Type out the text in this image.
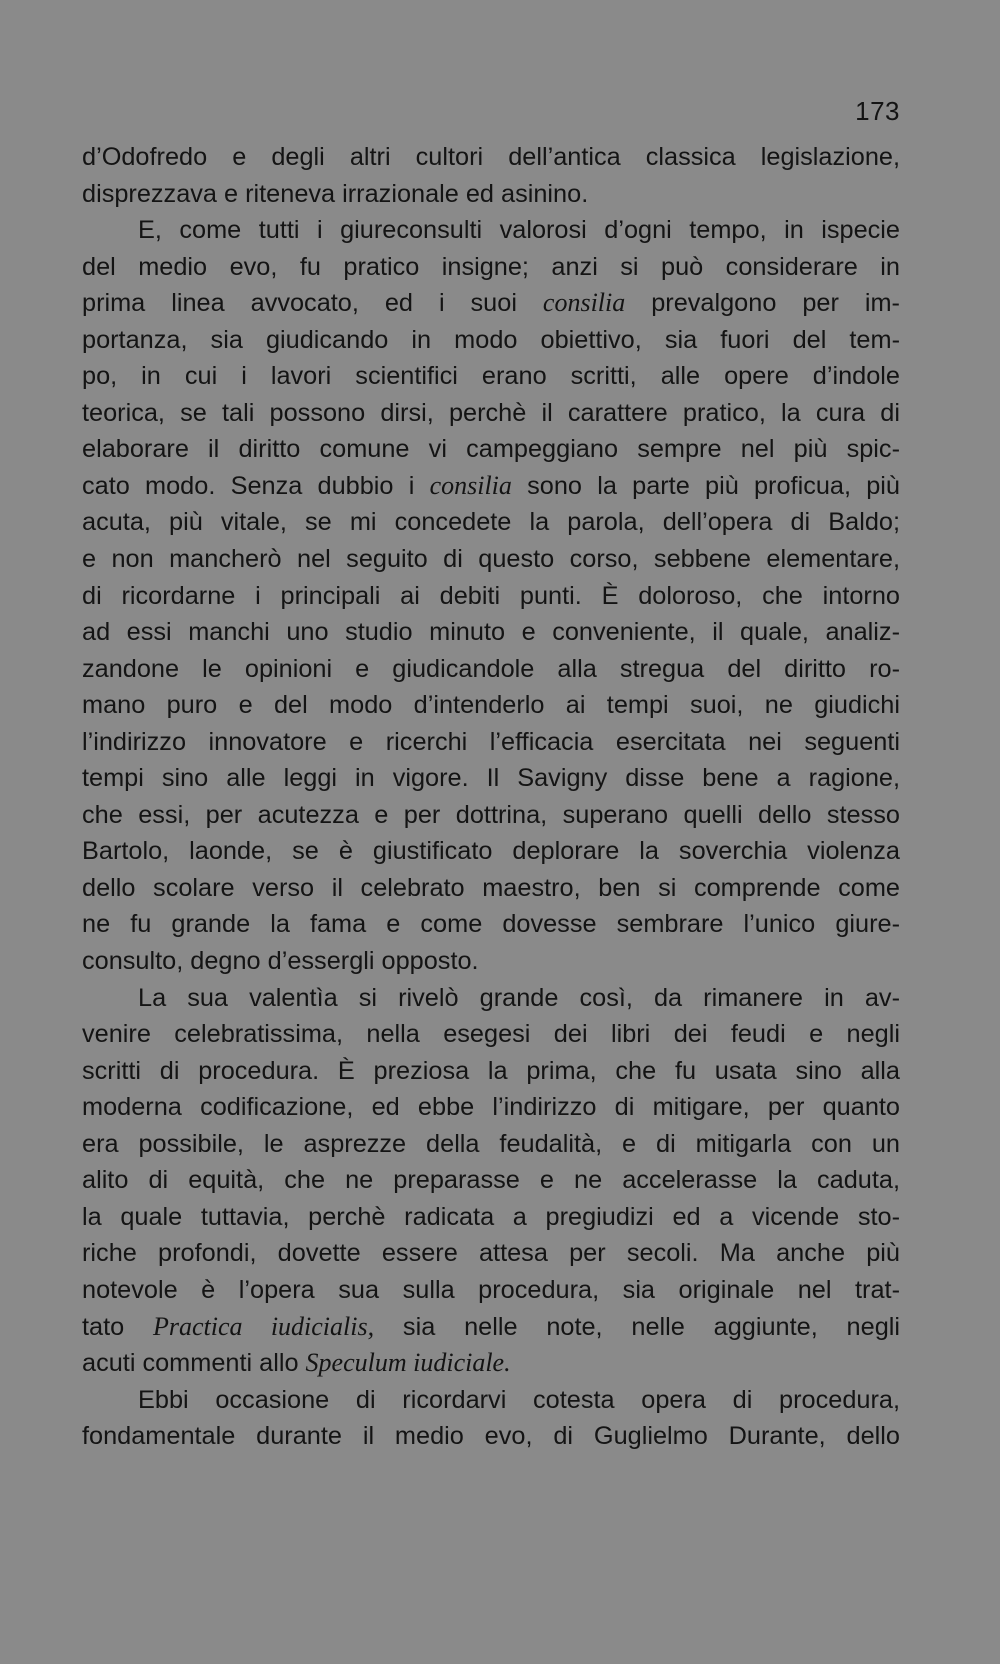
173
d’Odofredo e degli altri cultori dell’antica classica legislazione,
disprezzava e riteneva irrazionale ed asinino.
E, come tutti i giureconsulti valorosi d’ogni tempo, in ispecie
del medio evo, fu pratico insigne; anzi si può considerare in
prima linea avvocato, ed i suoi consilia prevalgono per im-
portanza, sia giudicando in modo obiettivo, sia fuori del tem-
po, in cui i lavori scientifici erano scritti, alle opere d’indole
teorica, se tali possono dirsi, perchè il carattere pratico, la cura di
elaborare il diritto comune vi campeggiano sempre nel più spic-
cato modo. Senza dubbio i consilia sono la parte più proficua, più
acuta, più vitale, se mi concedete la parola, dell’opera di Baldo;
e non mancherò nel seguito di questo corso, sebbene elementare,
di ricordarne i principali ai debiti punti. È doloroso, che intorno
ad essi manchi uno studio minuto e conveniente, il quale, analiz-
zandone le opinioni e giudicandole alla stregua del diritto ro-
mano puro e del modo d’intenderlo ai tempi suoi, ne giudichi
l’indirizzo innovatore e ricerchi l’efficacia esercitata nei seguenti
tempi sino alle leggi in vigore. Il Savigny disse bene a ragione,
che essi, per acutezza e per dottrina, superano quelli dello stesso
Bartolo, laonde, se è giustificato deplorare la soverchia violenza
dello scolare verso il celebrato maestro, ben si comprende come
ne fu grande la fama e come dovesse sembrare l’unico giure-
consulto, degno d’essergli opposto.
La sua valentìa si rivelò grande così, da rimanere in av-
venire celebratissima, nella esegesi dei libri dei feudi e negli
scritti di procedura. È preziosa la prima, che fu usata sino alla
moderna codificazione, ed ebbe l’indirizzo di mitigare, per quanto
era possibile, le asprezze della feudalità, e di mitigarla con un
alito di equità, che ne preparasse e ne accelerasse la caduta,
la quale tuttavia, perchè radicata a pregiudizi ed a vicende sto-
riche profondi, dovette essere attesa per secoli. Ma anche più
notevole è l’opera sua sulla procedura, sia originale nel trat-
tato Practica iudicialis, sia nelle note, nelle aggiunte, negli
acuti commenti allo Speculum iudiciale.
Ebbi occasione di ricordarvi cotesta opera di procedura,
fondamentale durante il medio evo, di Guglielmo Durante, dello
